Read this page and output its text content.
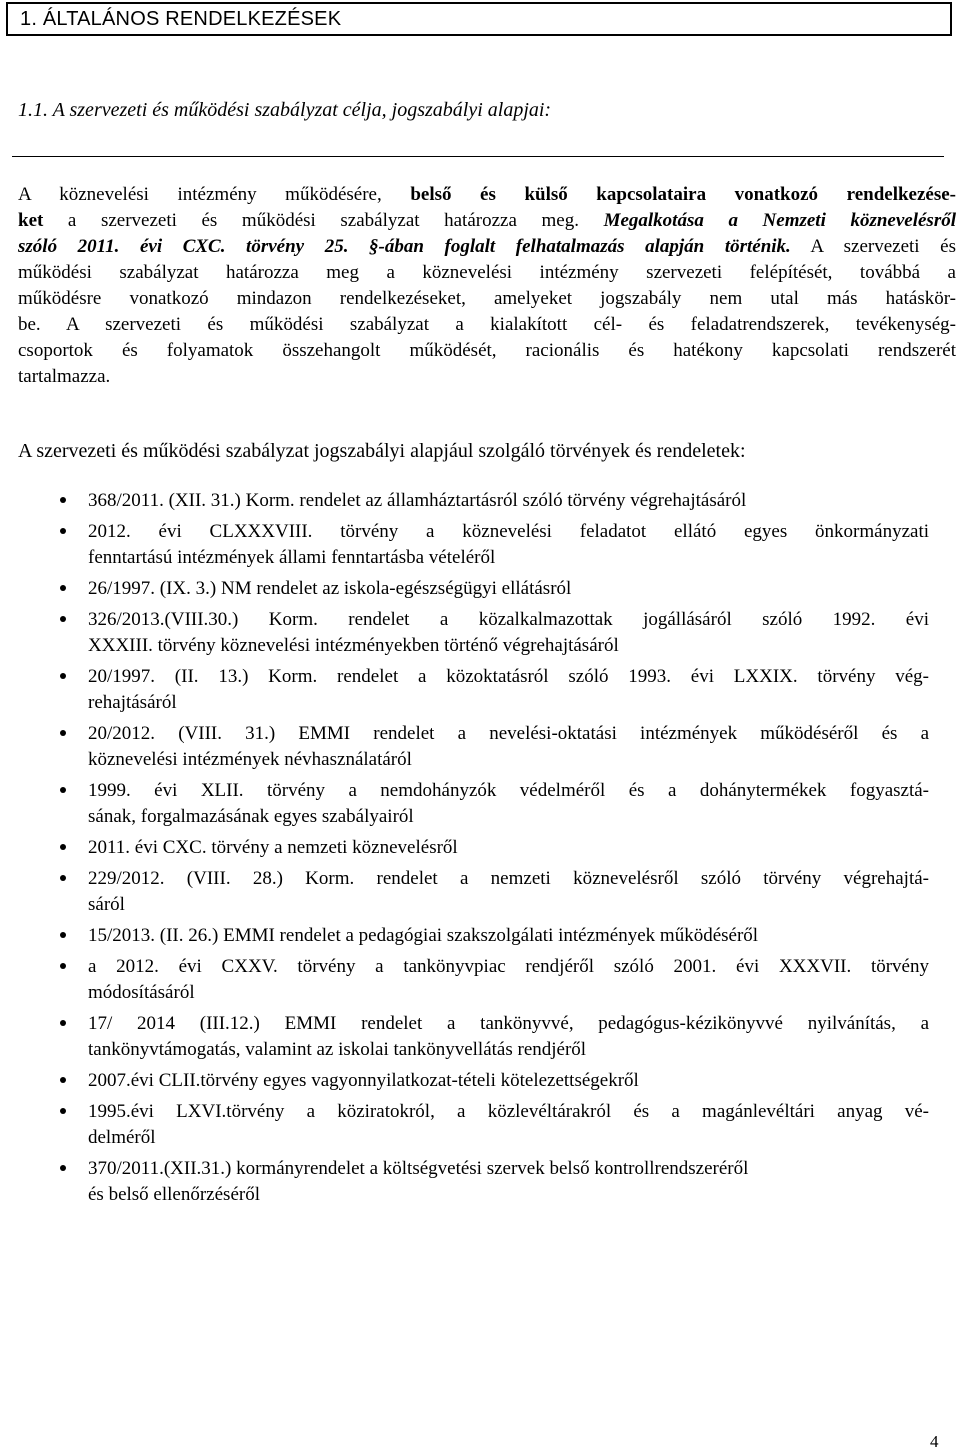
1. ÁLTALÁNOS RENDELKEZÉSEK
1.1. A szervezeti és működési szabályzat célja, jogszabályi alapjai:
A köznevelési intézmény működésére, belső és külső kapcsolataira vonatkozó rendelkezése-
ket a szervezeti és működési szabályzat határozza meg. Megalkotása a Nemzeti köznevelésről
szóló 2011. évi CXC. törvény 25. §-ában foglalt felhatalmazás alapján történik. A szervezeti és
működési szabályzat határozza meg a köznevelési intézmény szervezeti felépítését, továbbá a
működésre vonatkozó mindazon rendelkezéseket, amelyeket jogszabály nem utal más hatáskör-
be. A szervezeti és működési szabályzat a kialakított cél- és feladatrendszerek, tevékenység-
csoportok és folyamatok összehangolt működését, racionális és hatékony kapcsolati rendszerét
tartalmazza.
A szervezeti és működési szabályzat jogszabályi alapjául szolgáló törvények és rendeletek:
368/2011. (XII. 31.) Korm. rendelet az államháztartásról szóló törvény végrehajtásáról
2012. évi CLXXXVIII. törvény a köznevelési feladatot ellátó egyes önkormányzati
fenntartású intézmények állami fenntartásba vételéről
26/1997. (IX. 3.) NM rendelet az iskola-egészségügyi ellátásról
326/2013.(VIII.30.) Korm. rendelet a közalkalmazottak jogállásáról szóló 1992. évi
XXXIII. törvény köznevelési intézményekben történő végrehajtásáról
20/1997. (II. 13.) Korm. rendelet a közoktatásról szóló 1993. évi LXXIX. törvény vég-
rehajtásáról
20/2012. (VIII. 31.) EMMI rendelet a nevelési-oktatási intézmények működéséről és a
köznevelési intézmények névhasználatáról
1999. évi XLII. törvény a nemdohányzók védelméről és a dohánytermékek fogyasztá-
sának, forgalmazásának egyes szabályairól
2011. évi CXC. törvény a nemzeti köznevelésről
229/2012. (VIII. 28.) Korm. rendelet a nemzeti köznevelésről szóló törvény végrehajtá-
sáról
15/2013. (II. 26.) EMMI rendelet a pedagógiai szakszolgálati intézmények működéséről
a 2012. évi CXXV. törvény a tankönyvpiac rendjéről szóló 2001. évi XXXVII. törvény
módosításáról
17/ 2014 (III.12.) EMMI rendelet a tankönyvvé, pedagógus-kézikönyvvé nyilvánítás, a
tankönyvtámogatás, valamint az iskolai tankönyvellátás rendjéről
2007.évi CLII.törvény egyes vagyonnyilatkozat-tételi kötelezettségekről
1995.évi LXVI.törvény a köziratokról, a közlevéltárakról és a magánlevéltári anyag vé-
delméről
370/2011.(XII.31.) kormányrendelet a költségvetési szervek belső kontrollrendszeréről
és belső ellenőrzéséről
4
